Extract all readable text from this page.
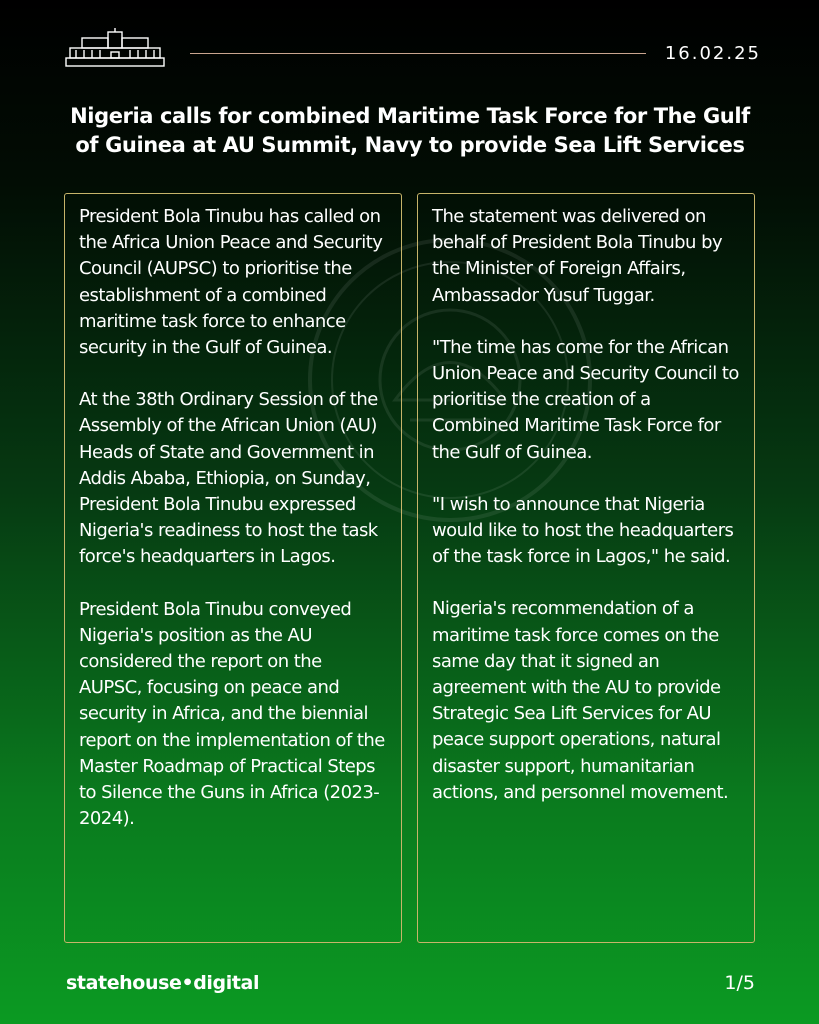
16.02.25
Nigeria calls for combined Maritime Task Force for The Gulf of Guinea at AU Summit, Navy to provide Sea Lift Services

President Bola Tinubu has called on the Africa Union Peace and Security Council (AUPSC) to prioritise the establishment of a combined maritime task force to enhance security in the Gulf of Guinea.

At the 38th Ordinary Session of the Assembly of the African Union (AU) Heads of State and Government in Addis Ababa, Ethiopia, on Sunday, President Bola Tinubu expressed Nigeria's readiness to host the task force's headquarters in Lagos.

President Bola Tinubu conveyed Nigeria's position as the AU considered the report on the AUPSC, focusing on peace and security in Africa, and the biennial report on the implementation of the Master Roadmap of Practical Steps to Silence the Guns in Africa (2023-2024).

The statement was delivered on behalf of President Bola Tinubu by the Minister of Foreign Affairs, Ambassador Yusuf Tuggar.

"The time has come for the African Union Peace and Security Council to prioritise the creation of a Combined Maritime Task Force for the Gulf of Guinea.

"I wish to announce that Nigeria would like to host the headquarters of the task force in Lagos," he said.

Nigeria's recommendation of a maritime task force comes on the same day that it signed an agreement with the AU to provide Strategic Sea Lift Services for AU peace support operations, natural disaster support, humanitarian actions, and personnel movement.

statehouse•digital	1/5
